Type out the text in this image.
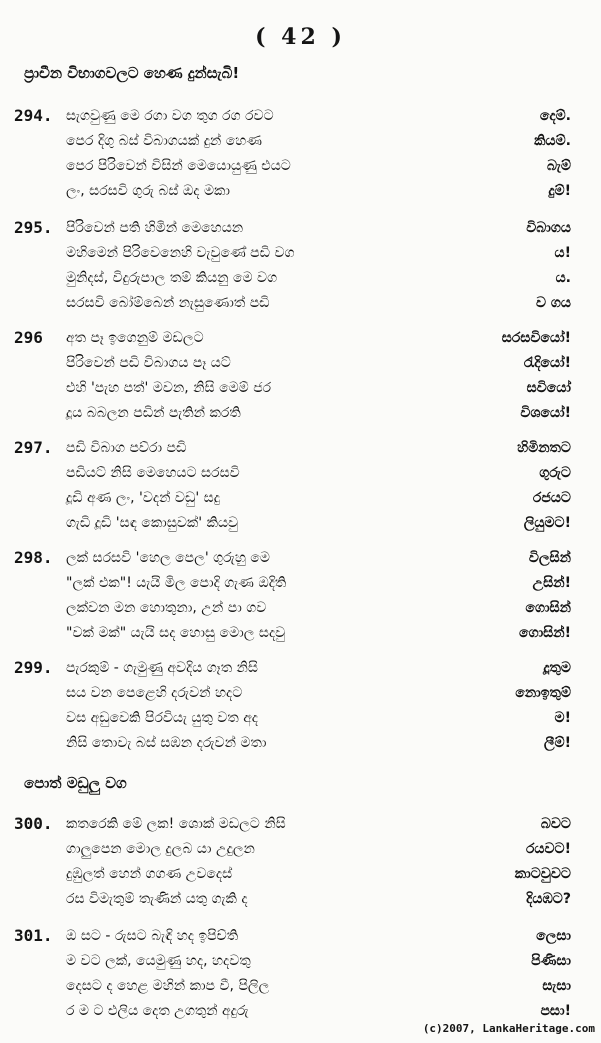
( 42 )
ප්‍රාචීන විභාගවලට හෙණ දුන්සැබි!
294. සැගවුණු මෙ රගා වග තුග රග රවට	දෙම්.
පෙර දිගු බස් විබාගයක් දුන් හෙණ	කියම්.
පෙර පිරිවෙන් විසින් මෙයොයුණු එයට	බැම්
ලං, සරසවි ගුරු බස් ඔද මකා	දුම්!
295. පිරිවෙන් පති හිමින් මෙහෙයන	විබාගය
මහිමෙන් පිරිවෙනෙහි වැවුණේ පඩි වග	ය!
මුනිදස්, විදුරුපාල තම් කියනු මෙ වග	ය.
සරසවි බෝම්බෙන් නැසුණොත් පඩි	ව ගය
296 අත පෑ ඉගෙනුම් මඩලට	සරසවියෝ!
පිරිවෙන් පඩි විබාගය පෑ යට්	රැදියෝ!
එහි 'පැහ පත්' මවන, නිසි මෙම් ජර	සවියෝ
දූය බබලන පඩින් පැතින් කරති	විශයෝ!
297. පඩි විබාග පව්රා පඩි	හිමිනතට
පඩියට් නිසි මෙහෙයට සරසවි	ගුරුට
දූඩි අණ ලං, 'වදන් වඩු' සදු	රජයට
ගැඩි දූඩි 'සඳ කොසුවක්' කියවු	ලියුමට!
298. ලක් සරසවි 'හෙල පෙල' ගුරුහු මෙ	විලසින්
"ලක් එක"! යැයි මිල පොදි ගැණ ඔදිති	උසින්!
ලක්වන මන හොතුනා, උන් පා ගව	ගොසින්
"වක් මක්" යැයි සද හොසු මොල සදවු	ගොසින්!
299. පැරකුම් - ගැමුණු අවදිය ගෑත නිසි	දූතුම
සය වන පෙළෙහි දරුවන් හදට	නොඉතුම්
වස අඩුවෙකි පිරවියැ යුතු වත අද	ම!
නිසි තොවැ බස් සඹන දරුවන් මතා	ලීම්!
පොත් මඩුලු වග
300. කතරෙකි මේ ලක! ශොක් මඩලට නිසි	බවට
ගාලුපෙන මොල දුලබ යා උදුලන	රයවට!
දුඹුලත් හෙන් ගගණ උවදෙස්	කාටවුවට
රස විමැතුම් තැණින් යතු ගැකි ද	දියඹට?
301. ඔ සට - රුසට බැඳි හද ඉපිච්ති	ලෙසා
ම වට ලක්, යෙමුණු හද, හදවතු	පිණිසා
දෙසට ද හෙළ මහින් කාප වී, පිලිල	සැසා
ර ම ට එලිය දෙත උගතුන් අදුරු	පසා!
(c)2007, LankaHeritage.com
